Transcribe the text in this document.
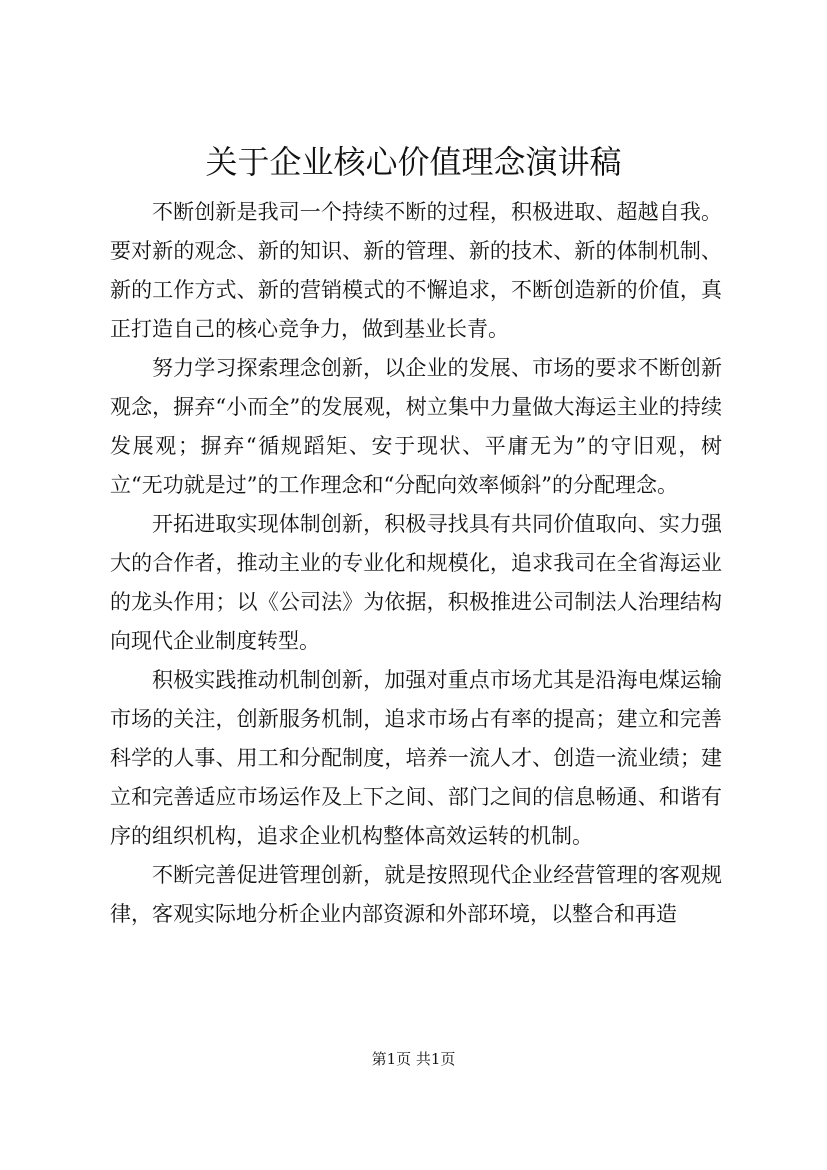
关于企业核心价值理念演讲稿

不断创新是我司一个持续不断的过程，积极进取、超越自我。要对新的观念、新的知识、新的管理、新的技术、新的体制机制、新的工作方式、新的营销模式的不懈追求，不断创造新的价值，真正打造自己的核心竞争力，做到基业长青。

努力学习探索理念创新，以企业的发展、市场的要求不断创新观念，摒弃“小而全”的发展观，树立集中力量做大海运主业的持续发展观；摒弃“循规蹈矩、安于现状、平庸无为”的守旧观，树立“无功就是过”的工作理念和“分配向效率倾斜”的分配理念。

开拓进取实现体制创新，积极寻找具有共同价值取向、实力强大的合作者，推动主业的专业化和规模化，追求我司在全省海运业的龙头作用；以《公司法》为依据，积极推进公司制法人治理结构向现代企业制度转型。

积极实践推动机制创新，加强对重点市场尤其是沿海电煤运输市场的关注，创新服务机制，追求市场占有率的提高；建立和完善科学的人事、用工和分配制度，培养一流人才、创造一流业绩；建立和完善适应市场运作及上下之间、部门之间的信息畅通、和谐有序的组织机构，追求企业机构整体高效运转的机制。

不断完善促进管理创新，就是按照现代企业经营管理的客观规律，客观实际地分析企业内部资源和外部环境，以整合和再造

第1页 共1页
